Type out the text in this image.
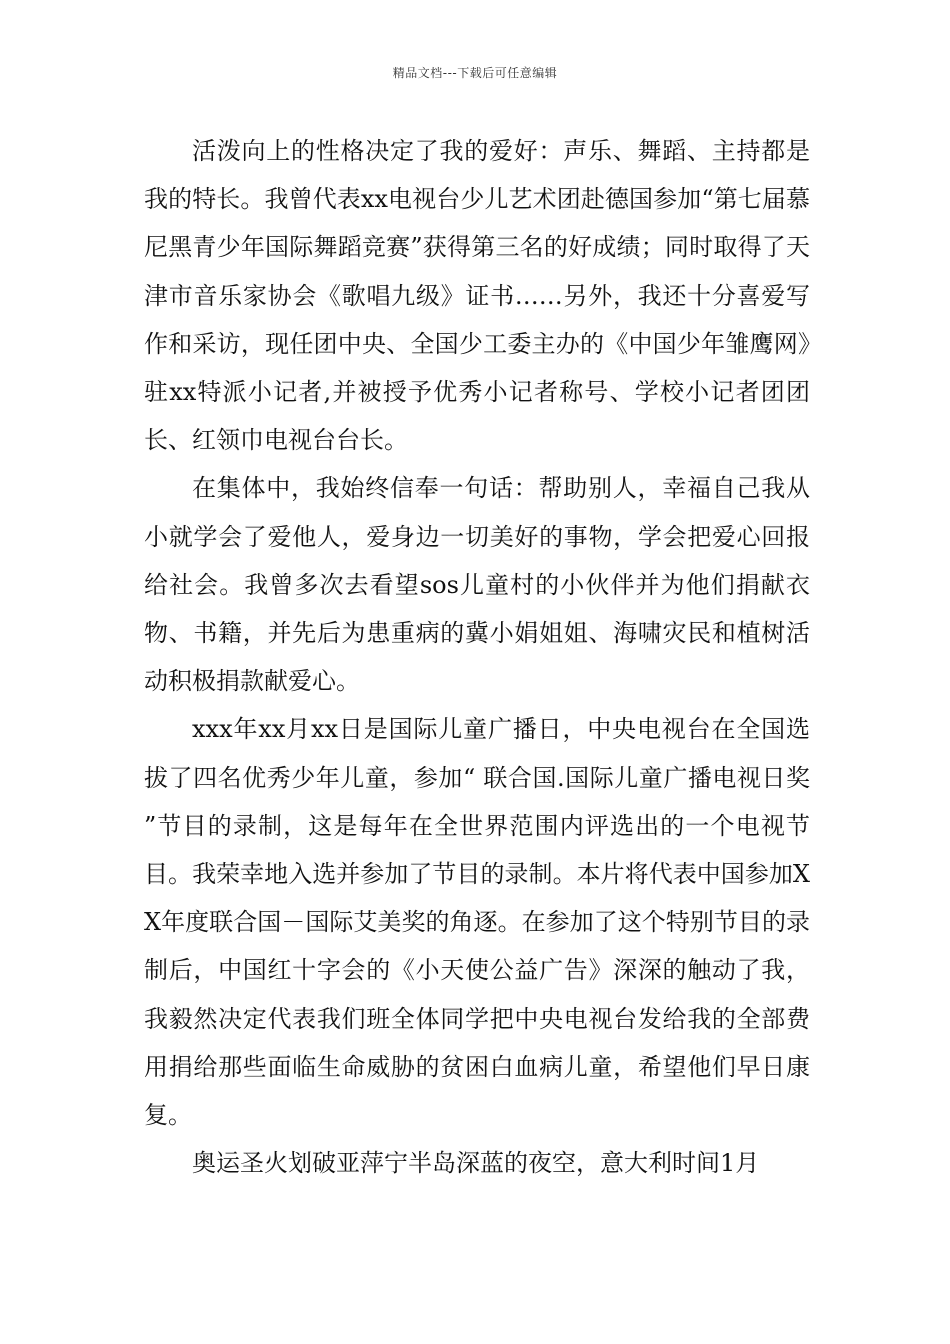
精品文档---下载后可任意编辑

活泼向上的性格决定了我的爱好：声乐、舞蹈、主持都是我的特长。我曾代表xx电视台少儿艺术团赴德国参加“第七届慕尼黑青少年国际舞蹈竞赛”获得第三名的好成绩；同时取得了天津市音乐家协会《歌唱九级》证书……另外，我还十分喜爱写作和采访，现任团中央、全国少工委主办的《中国少年雏鹰网》驻xx特派小记者,并被授予优秀小记者称号、学校小记者团团长、红领巾电视台台长。

在集体中，我始终信奉一句话：帮助别人，幸福自己我从小就学会了爱他人，爱身边一切美好的事物，学会把爱心回报给社会。我曾多次去看望sos儿童村的小伙伴并为他们捐献衣物、书籍，并先后为患重病的冀小娟姐姐、海啸灾民和植树活动积极捐款献爱心。

xxx年xx月xx日是国际儿童广播日，中央电视台在全国选拔了四名优秀少年儿童，参加“ 联合国.国际儿童广播电视日奖 ”节目的录制，这是每年在全世界范围内评选出的一个电视节目。我荣幸地入选并参加了节目的录制。本片将代表中国参加XX年度联合国－国际艾美奖的角逐。在参加了这个特别节目的录制后，中国红十字会的《小天使公益广告》深深的触动了我，我毅然决定代表我们班全体同学把中央电视台发给我的全部费用捐给那些面临生命威胁的贫困白血病儿童，希望他们早日康复。

奥运圣火划破亚萍宁半岛深蓝的夜空，意大利时间1月
